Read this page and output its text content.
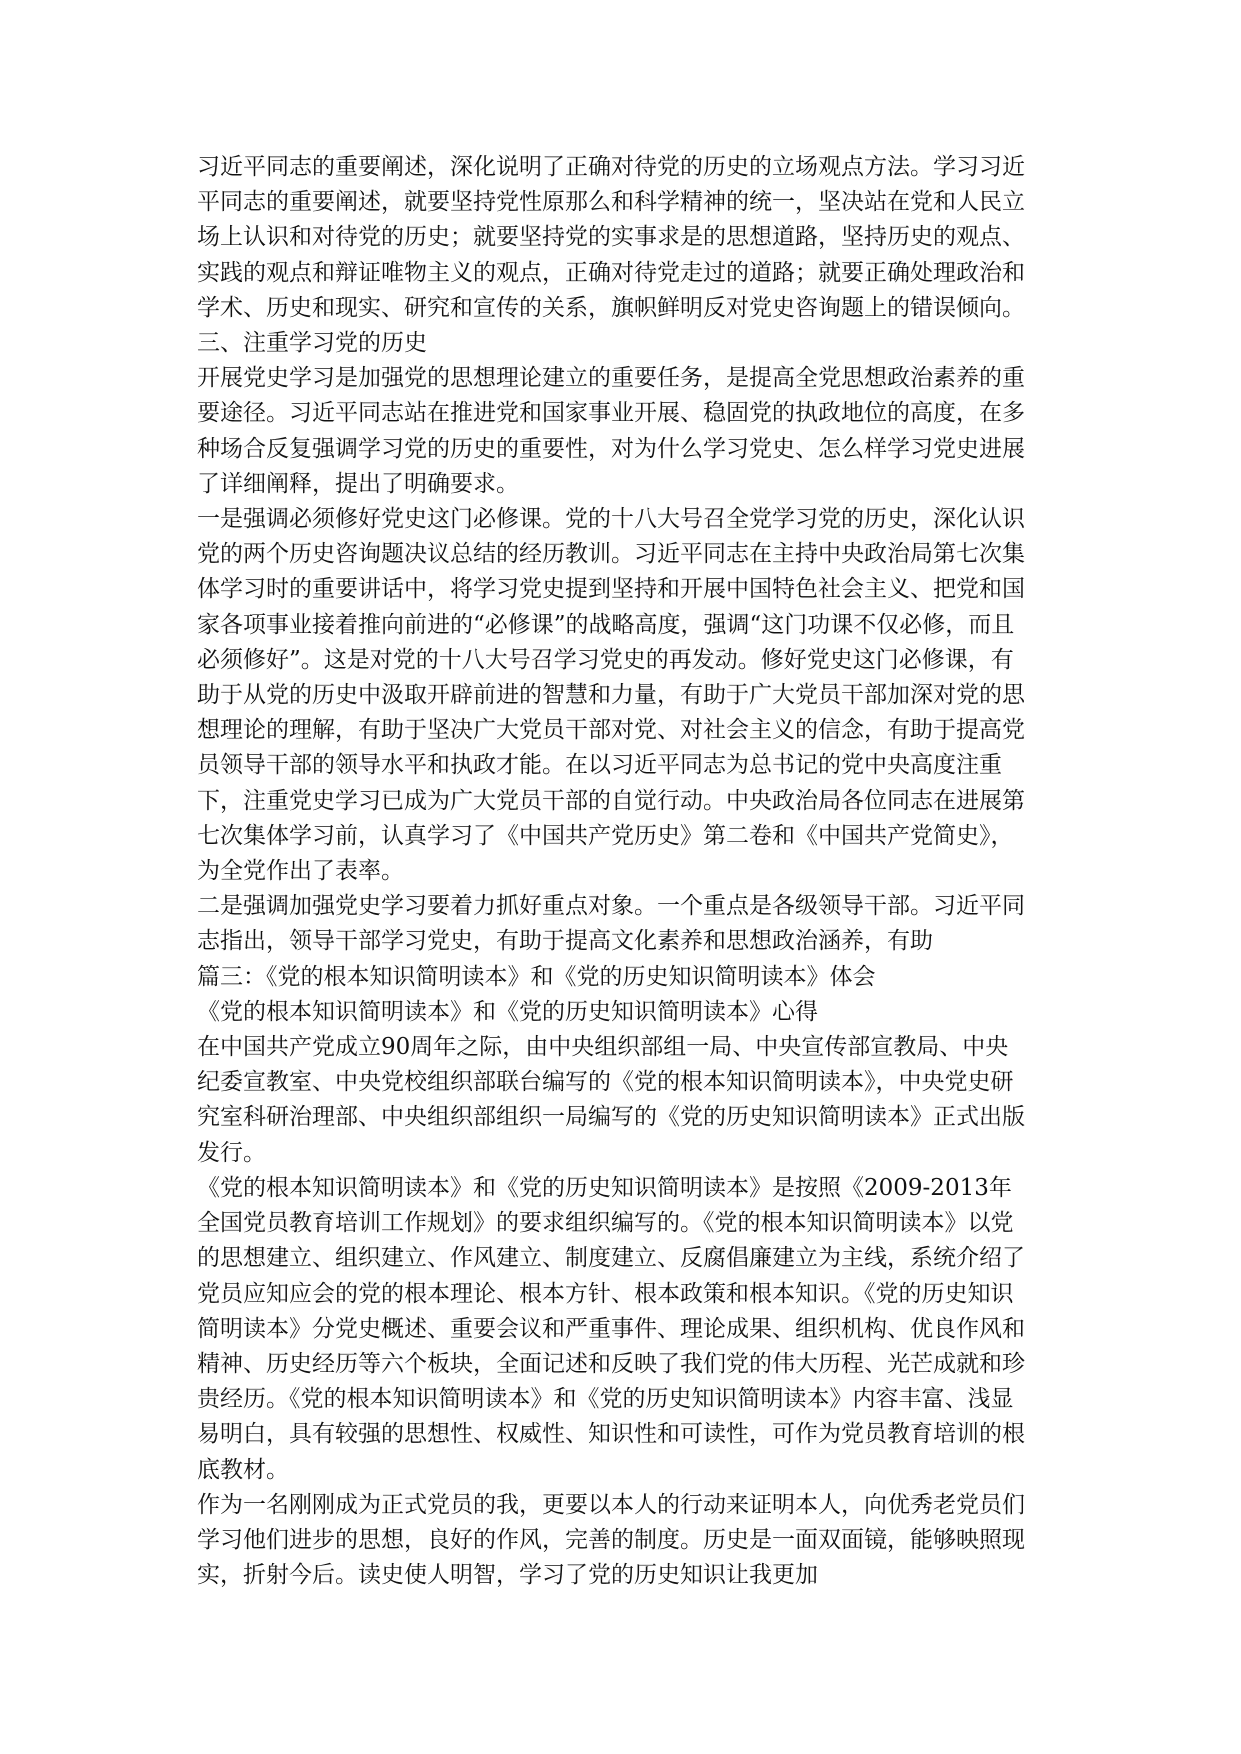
习近平同志的重要阐述，深化说明了正确对待党的历史的立场观点方法。学习习近平同志的重要阐述，就要坚持党性原那么和科学精神的统一，坚决站在党和人民立场上认识和对待党的历史；就要坚持党的实事求是的思想道路，坚持历史的观点、实践的观点和辩证唯物主义的观点，正确对待党走过的道路；就要正确处理政治和学术、历史和现实、研究和宣传的关系，旗帜鲜明反对党史咨询题上的错误倾向。

三、注重学习党的历史

开展党史学习是加强党的思想理论建立的重要任务，是提高全党思想政治素养的重要途径。习近平同志站在推进党和国家事业开展、稳固党的执政地位的高度，在多种场合反复强调学习党的历史的重要性，对为什么学习党史、怎么样学习党史进展了详细阐释，提出了明确要求。

一是强调必须修好党史这门必修课。党的十八大号召全党学习党的历史，深化认识党的两个历史咨询题决议总结的经历教训。习近平同志在主持中央政治局第七次集体学习时的重要讲话中，将学习党史提到坚持和开展中国特色社会主义、把党和国家各项事业接着推向前进的“必修课”的战略高度，强调“这门功课不仅必修，而且必须修好”。这是对党的十八大号召学习党史的再发动。修好党史这门必修课，有助于从党的历史中汲取开辟前进的智慧和力量，有助于广大党员干部加深对党的思想理论的理解，有助于坚决广大党员干部对党、对社会主义的信念，有助于提高党员领导干部的领导水平和执政才能。在以习近平同志为总书记的党中央高度注重下，注重党史学习已成为广大党员干部的自觉行动。中央政治局各位同志在进展第七次集体学习前，认真学习了《中国共产党历史》第二卷和《中国共产党简史》，为全党作出了表率。

二是强调加强党史学习要着力抓好重点对象。一个重点是各级领导干部。习近平同志指出，领导干部学习党史，有助于提高文化素养和思想政治涵养，有助

篇三：《党的根本知识简明读本》和《党的历史知识简明读本》体会

《党的根本知识简明读本》和《党的历史知识简明读本》心得

在中国共产党成立90周年之际，由中央组织部组一局、中央宣传部宣教局、中央纪委宣教室、中央党校组织部联台编写的《党的根本知识简明读本》，中央党史研究室科研治理部、中央组织部组织一局编写的《党的历史知识简明读本》正式出版发行。

《党的根本知识简明读本》和《党的历史知识简明读本》是按照《2009-2013年全国党员教育培训工作规划》的要求组织编写的。《党的根本知识简明读本》以党的思想建立、组织建立、作风建立、制度建立、反腐倡廉建立为主线，系统介绍了党员应知应会的党的根本理论、根本方针、根本政策和根本知识。《党的历史知识简明读本》分党史概述、重要会议和严重事件、理论成果、组织机构、优良作风和精神、历史经历等六个板块，全面记述和反映了我们党的伟大历程、光芒成就和珍贵经历。《党的根本知识简明读本》和《党的历史知识简明读本》内容丰富、浅显易明白，具有较强的思想性、权威性、知识性和可读性，可作为党员教育培训的根底教材。

作为一名刚刚成为正式党员的我，更要以本人的行动来证明本人，向优秀老党员们学习他们进步的思想，良好的作风，完善的制度。历史是一面双面镜，能够映照现实，折射今后。读史使人明智，学习了党的历史知识让我更加
